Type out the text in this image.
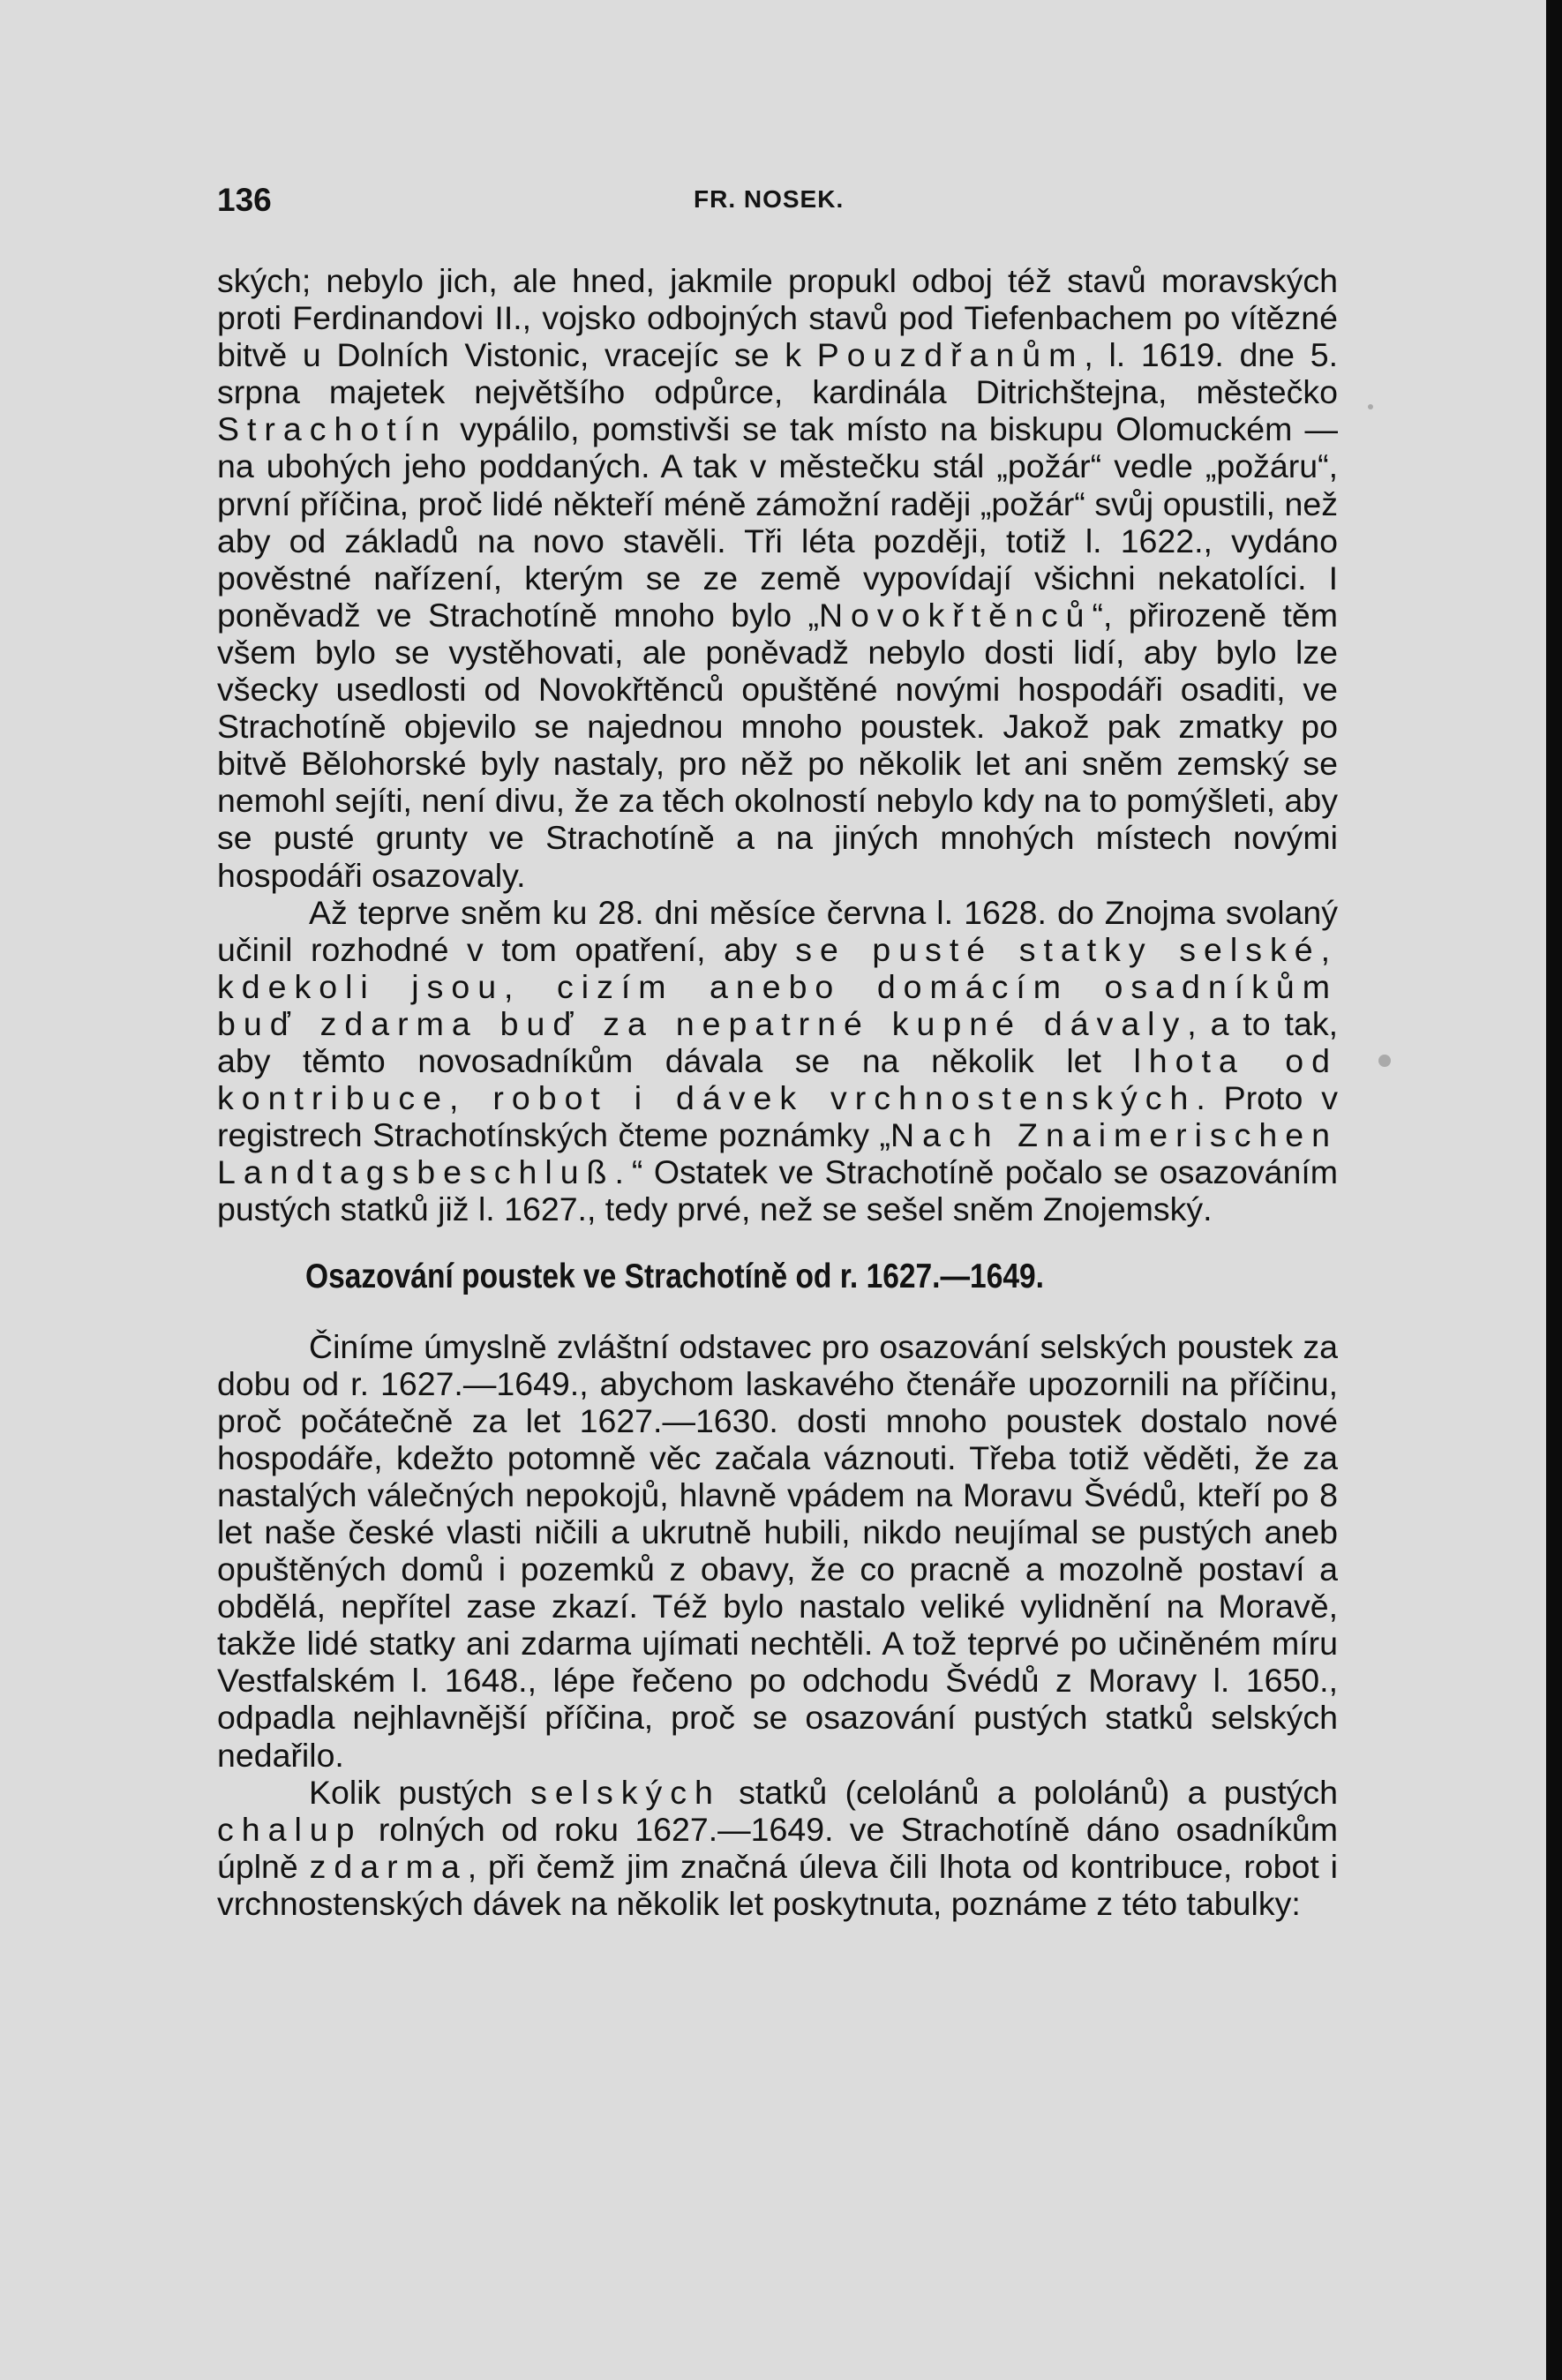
136	FR. NOSEK.

ských; nebylo jich, ale hned, jakmile propukl odboj též stavů moravských proti Ferdinandovi II., vojsko odbojných stavů pod Tiefenbachem po vítězné bitvě u Dolních Vistonic, vracejíc se k Pouzdřanům, l. 1619. dne 5. srpna majetek největšího odpůrce, kardinála Ditrichštejna, městečko Strachotín vypálilo, pomstivši se tak místo na biskupu Olomuckém — na ubohých jeho poddaných. A tak v městečku stál „požár“ vedle „požáru“, první příčina, proč lidé někteří méně zámožní raději „požár“ svůj opustili, než aby od základů na novo stavěli. Tři léta později, totiž l. 1622., vydáno pověstné nařízení, kterým se ze země vypovídají všichni nekatolíci. I poněvadž ve Strachotíně mnoho bylo „Novokřtěnců“, přirozeně těm všem bylo se vystěhovati, ale poněvadž nebylo dosti lidí, aby bylo lze všecky usedlosti od Novokřtěnců opuštěné novými hospodáři osaditi, ve Strachotíně objevilo se najednou mnoho poustek. Jakož pak zmatky po bitvě Bělohorské byly nastaly, pro něž po několik let ani sněm zemský se nemohl sejíti, není divu, že za těch okolností nebylo kdy na to pomýšleti, aby se pusté grunty ve Strachotíně a na jiných mnohých místech novými hospodáři osazovaly.

Až teprve sněm ku 28. dni měsíce června l. 1628. do Znojma svolaný učinil rozhodné v tom opatření, aby se pusté statky selské, kdekoli jsou, cizím anebo domácím osadníkům buď zdarma buď za nepatrné kupné dávaly, a to tak, aby těmto novosadníkům dávala se na několik let lhota od kontribuce, robot i dávek vrchnostenských. Proto v registrech Strachotínských čteme poznámky „Nach Znaimerischen Landtagsbeschluß.“ Ostatek ve Strachotíně počalo se osazováním pustých statků již l. 1627., tedy prvé, než se sešel sněm Znojemský.

Osazování poustek ve Strachotíně od r. 1627.—1649.

Činíme úmyslně zvláštní odstavec pro osazování selských poustek za dobu od r. 1627.—1649., abychom laskavého čtenáře upozornili na příčinu, proč počátečně za let 1627.—1630. dosti mnoho poustek dostalo nové hospodáře, kdežto potomně věc začala váznouti. Třeba totiž věděti, že za nastalých válečných nepokojů, hlavně vpádem na Moravu Švédů, kteří po 8 let naše české vlasti ničili a ukrutně hubili, nikdo neujímal se pustých aneb opuštěných domů i pozemků z obavy, že co pracně a mozolně postaví a obdělá, nepřítel zase zkazí. Též bylo nastalo veliké vylidnění na Moravě, takže lidé statky ani zdarma ujímati nechtěli. A tož teprvé po učiněném míru Vestfalském l. 1648., lépe řečeno po odchodu Švédů z Moravy l. 1650., odpadla nejhlavnější příčina, proč se osazování pustých statků selských nedařilo.

Kolik pustých selských statků (celolánů a pololánů) a pustých chalup rolných od roku 1627.—1649. ve Strachotíně dáno osadníkům úplně zdarma, při čemž jim značná úleva čili lhota od kontribuce, robot i vrchnostenských dávek na několik let poskytnuta, poznáme z této tabulky:
